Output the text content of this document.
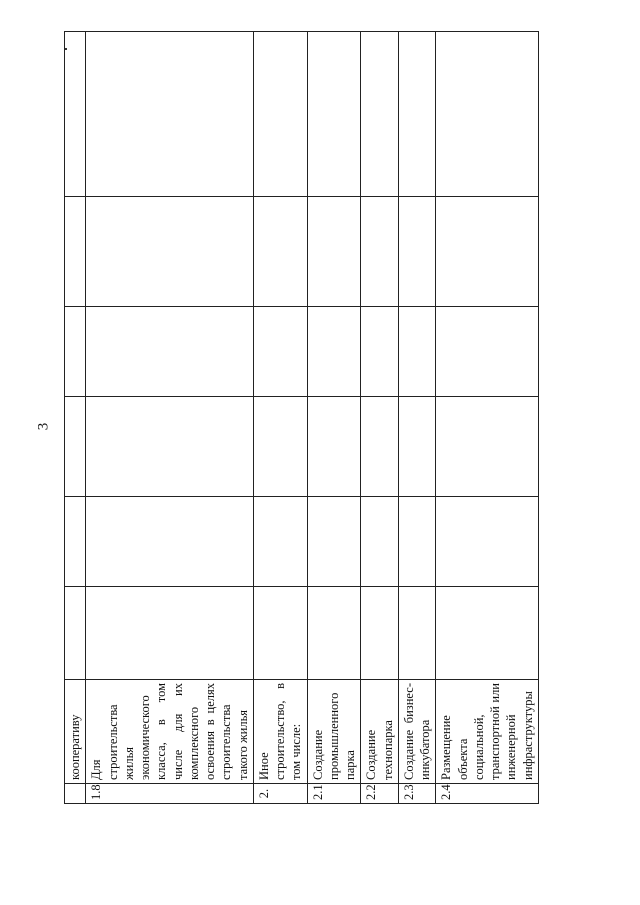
3
	кооперативу						
1.8	Для строительства жилья экономического класса, в том числе для их комплексного освоения в целях строительства такого жилья						
2.	Иное строительство, в том числе:						
2.1	Создание промышленного парка						
2.2	Создание технопарка						
2.3	Создание бизнес-инкубатора						
2.4	Размещение объекта социальной, транспортной или инженерной инфраструктуры						
